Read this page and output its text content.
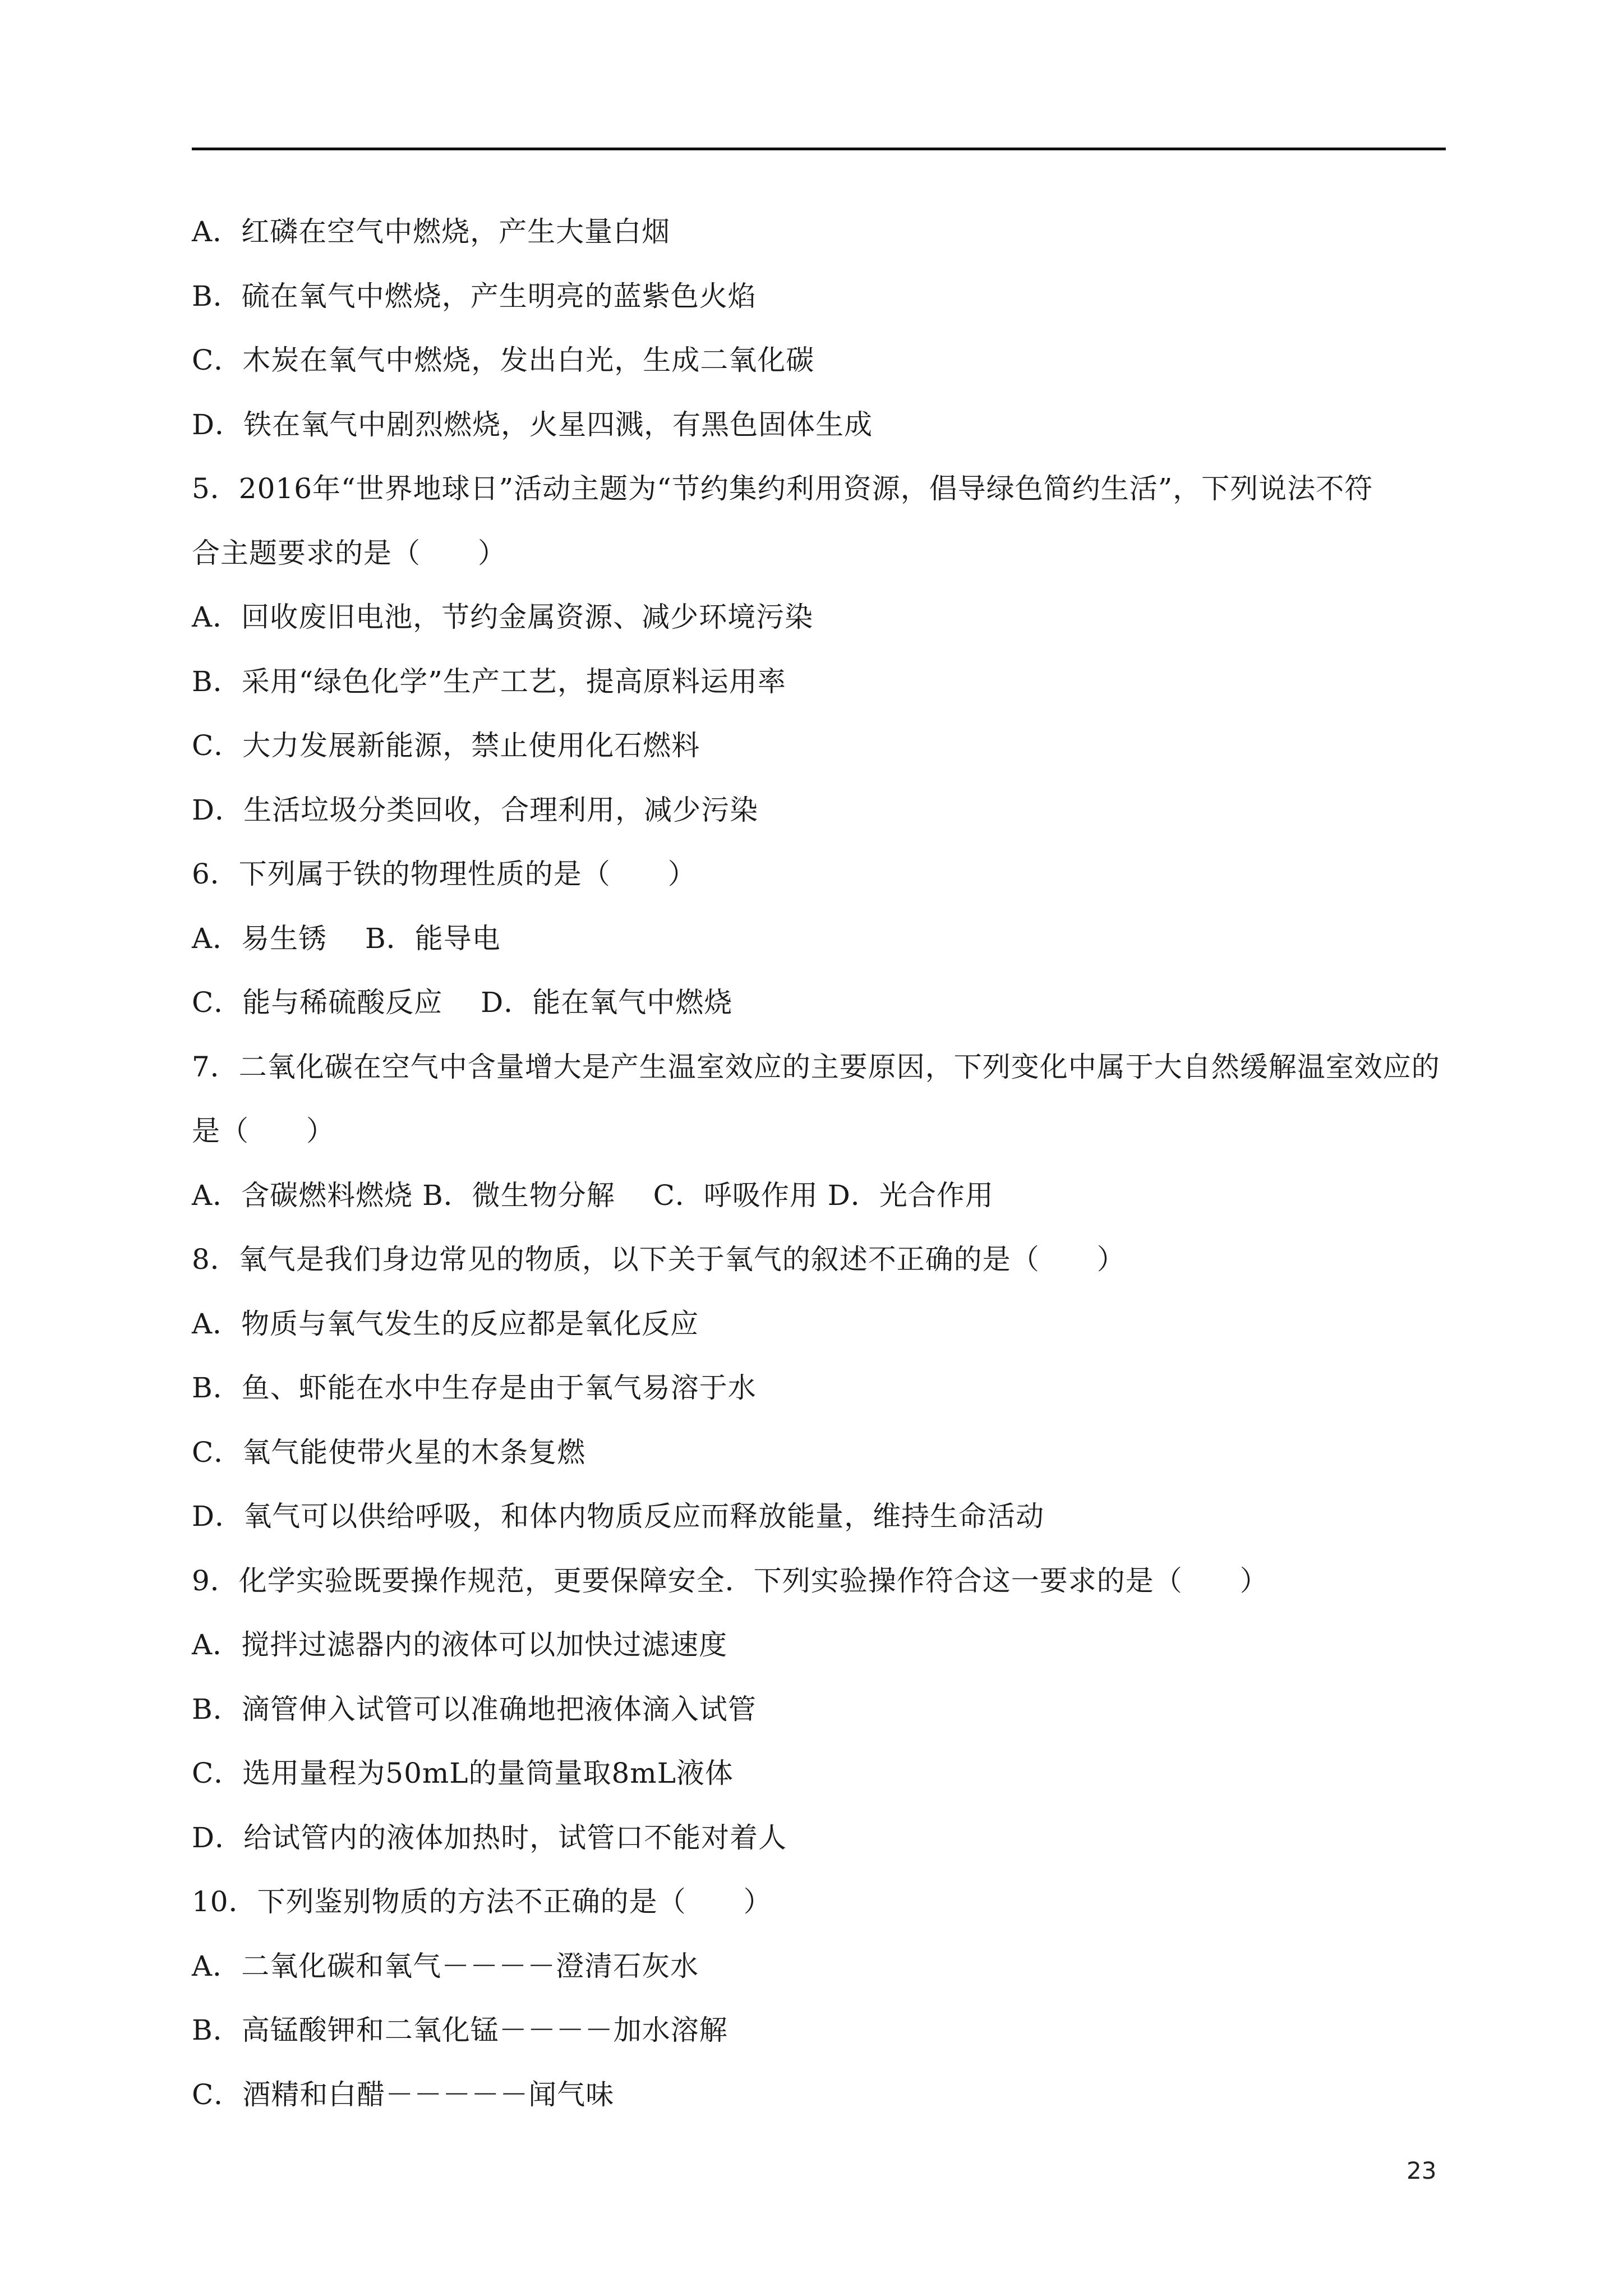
A．红磷在空气中燃烧，产生大量白烟
B．硫在氧气中燃烧，产生明亮的蓝紫色火焰
C．木炭在氧气中燃烧，发出白光，生成二氧化碳
D．铁在氧气中剧烈燃烧，火星四溅，有黑色固体生成
5．2016年“世界地球日”活动主题为“节约集约利用资源，倡导绿色简约生活”，下列说法不符
合主题要求的是（　　）
A．回收废旧电池，节约金属资源、减少环境污染
B．采用“绿色化学”生产工艺，提高原料运用率
C．大力发展新能源，禁止使用化石燃料
D．生活垃圾分类回收，合理利用，减少污染
6．下列属于铁的物理性质的是（　　）
A．易生锈　 B．能导电
C．能与稀硫酸反应　 D．能在氧气中燃烧
7．二氧化碳在空气中含量增大是产生温室效应的主要原因，下列变化中属于大自然缓解温室效应的
是（　　）
A．含碳燃料燃烧 B．微生物分解　 C．呼吸作用 D．光合作用
8．氧气是我们身边常见的物质，以下关于氧气的叙述不正确的是（　　）
A．物质与氧气发生的反应都是氧化反应
B．鱼、虾能在水中生存是由于氧气易溶于水
C．氧气能使带火星的木条复燃
D．氧气可以供给呼吸，和体内物质反应而释放能量，维持生命活动
9．化学实验既要操作规范，更要保障安全．下列实验操作符合这一要求的是（　　）
A．搅拌过滤器内的液体可以加快过滤速度
B．滴管伸入试管可以准确地把液体滴入试管
C．选用量程为50mL的量筒量取8mL液体
D．给试管内的液体加热时，试管口不能对着人
10．下列鉴别物质的方法不正确的是（　　）
A．二氧化碳和氧气－－－－澄清石灰水
B．高锰酸钾和二氧化锰－－－－加水溶解
C．酒精和白醋－－－－－闻气味
23
